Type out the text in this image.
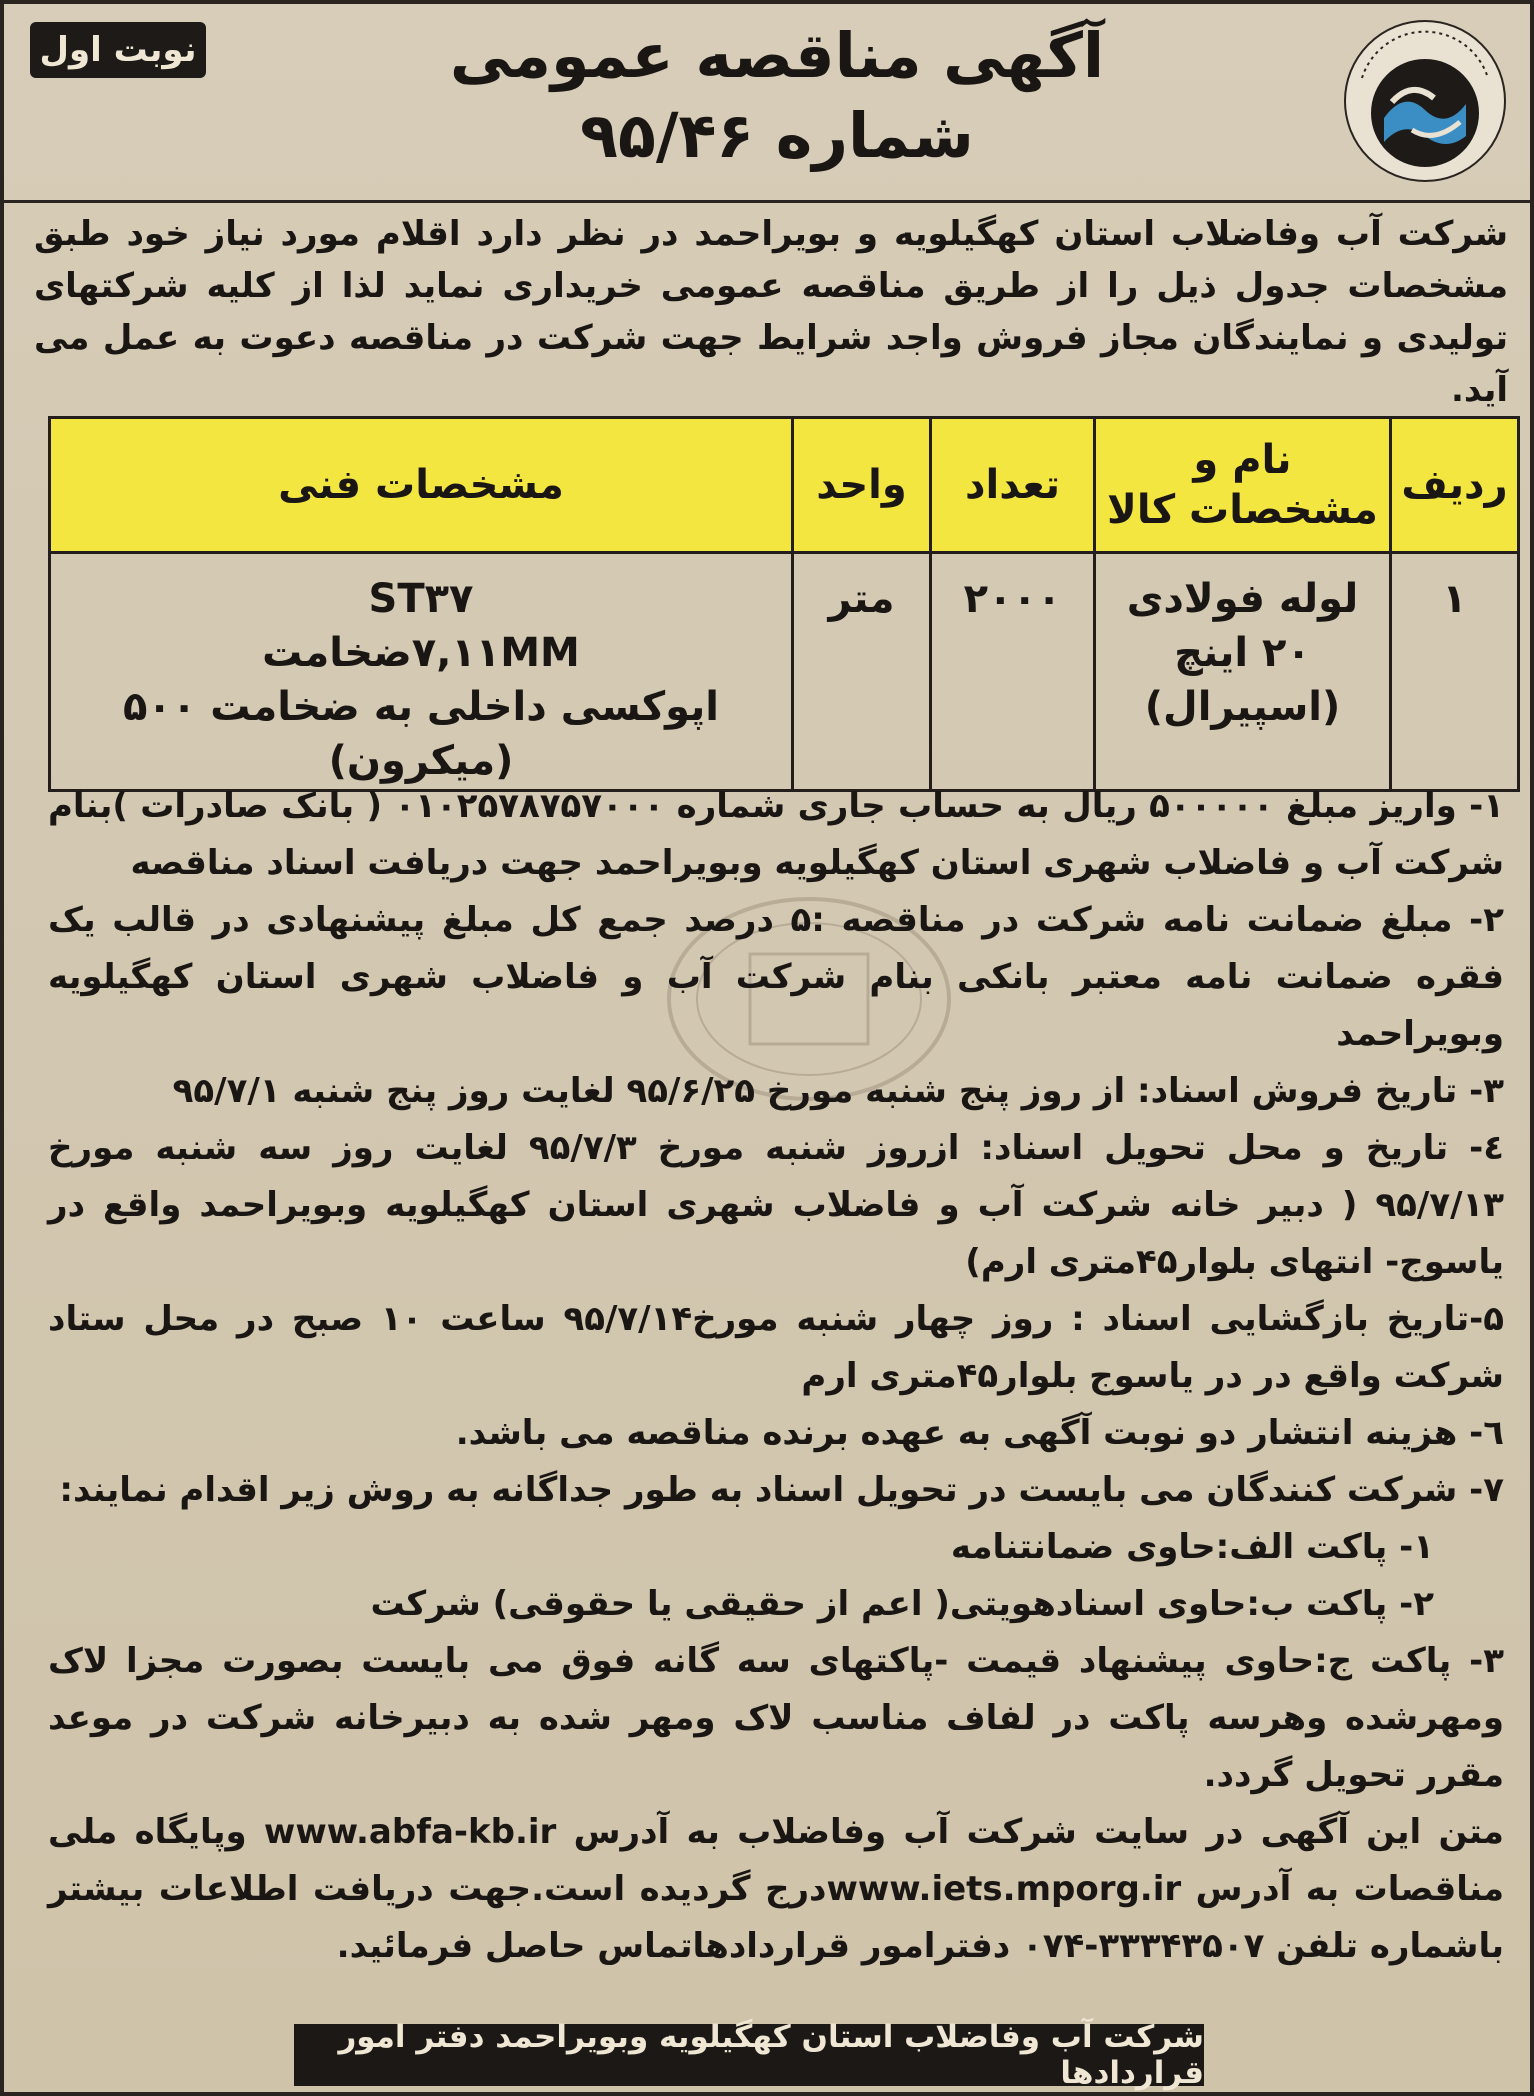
نوبت اول	آگهی مناقصه عمومی
شماره ۹۵/۴۶
شرکت آب وفاضلاب استان کهگیلویه و بویراحمد در نظر دارد اقلام مورد نیاز خود طبق مشخصات جدول ذیل را از طریق مناقصه عمومی خریداری نماید لذا از کلیه شرکتهای تولیدی و نمایندگان مجاز فروش واجد شرایط جهت شرکت در مناقصه دعوت به عمل می آید.
ردیف	نام و مشخصات کالا	تعداد	واحد	مشخصات فنی
۱	لوله فولادی ۲۰ اینچ (اسپیرال)	۲۰۰۰	متر	ST۳۷
۷,۱۱MMضخامت
اپوکسی داخلی به ضخامت ۵۰۰ (میکرون)

۱- واریز مبلغ ۵۰۰۰۰۰ ریال به حساب جاری شماره ۰۱۰۲۵۷۸۷۵۷۰۰۰ ( بانک صادرات )بنام شرکت آب و فاضلاب شهری استان کهگیلویه وبویراحمد جهت دریافت اسناد مناقصه

۲- مبلغ ضمانت نامه شرکت در مناقصه :۵ درصد جمع کل مبلغ پیشنهادی در قالب یک فقره ضمانت نامه معتبر بانکی بنام شرکت آب و فاضلاب شهری استان کهگیلویه وبویراحمد

۳- تاریخ فروش اسناد: از روز پنج شنبه مورخ ۹۵/۶/۲۵ لغایت روز پنج شنبه ۹۵/۷/۱

٤- تاریخ و محل تحویل اسناد: ازروز شنبه مورخ ۹۵/۷/۳ لغایت روز سه شنبه مورخ ۹۵/۷/۱۳ ( دبیر خانه شرکت آب و فاضلاب شهری استان کهگیلویه وبویراحمد واقع در یاسوج- انتهای بلوار۴۵متری ارم)

۵-تاریخ بازگشایی اسناد : روز چهار شنبه مورخ۹۵/۷/۱۴ ساعت ۱۰ صبح در محل ستاد شرکت واقع در در یاسوج بلوار۴۵متری ارم

٦- هزینه انتشار دو نوبت آگهی به عهده برنده مناقصه می باشد.

۷- شرکت کنندگان می بایست در تحویل اسناد به طور جداگانه به روش زیر اقدام نمایند:

۱- پاکت الف:حاوی ضمانتنامه

۲- پاکت ب:حاوی اسنادهویتی( اعم از حقیقی یا حقوقی) شرکت

۳- پاکت ج:حاوی پیشنهاد قیمت -پاکتهای سه گانه فوق می بایست بصورت مجزا لاک ومهرشده وهرسه پاکت در لفاف مناسب لاک ومهر شده به دبیرخانه شرکت در موعد مقرر تحویل گردد.

متن این آگهی در سایت شرکت آب وفاضلاب به آدرس www.abfa-kb.ir وپایگاه ملی مناقصات به آدرس www.iets.mporg.irدرج گردیده است.جهت دریافت اطلاعات بیشتر باشماره تلفن ۳۳۳۴۳۵۰۷-۰۷۴ دفترامور قراردادهاتماس حاصل فرمائید.

شرکت آب وفاضلاب استان کهگیلویه وبویراحمد دفتر امور قراردادها
